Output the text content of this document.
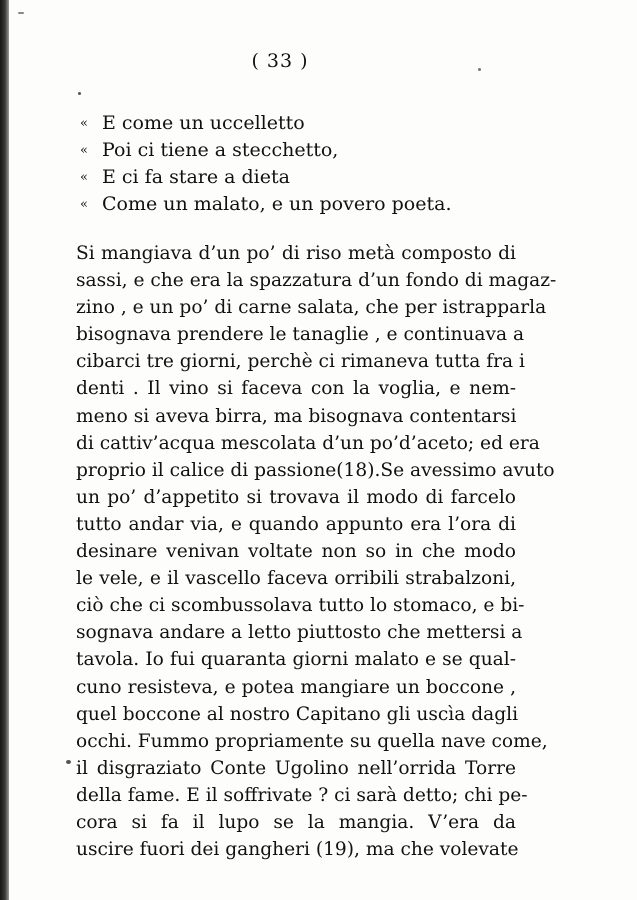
( 33 )
« E come un uccelletto
« Poi ci tiene a stecchetto,
« E ci fa stare a dieta
« Come un malato, e un povero poeta.
Si mangiava d’un po’ di riso metà composto di
sassi, e che era la spazzatura d’un fondo di magaz-
zino , e un po’ di carne salata, che per istrapparla
bisognava prendere le tanaglie , e continuava a
cibarci tre giorni, perchè ci rimaneva tutta fra i
denti . Il vino si faceva con la voglia, e nem-
meno si aveva birra, ma bisognava contentarsi
di cattiv’acqua mescolata d’un po’d’aceto; ed era
proprio il calice di passione(18).Se avessimo avuto
un po’ d’appetito si trovava il modo di farcelo
tutto andar via, e quando appunto era l’ora di
desinare venivan voltate non so in che modo
le vele, e il vascello faceva orribili strabalzoni,
ciò che ci scombussolava tutto lo stomaco, e bi-
sognava andare a letto piuttosto che mettersi a
tavola. Io fui quaranta giorni malato e se qual-
cuno resisteva, e potea mangiare un boccone ,
quel boccone al nostro Capitano gli uscìa dagli
occhi. Fummo propriamente su quella nave come,
il disgraziato Conte Ugolino nell’orrida Torre
della fame. E il soffrivate ? ci sarà detto; chi pe-
cora si fa il lupo se la mangia. V’era da
uscire fuori dei gangheri (19), ma che volevate
